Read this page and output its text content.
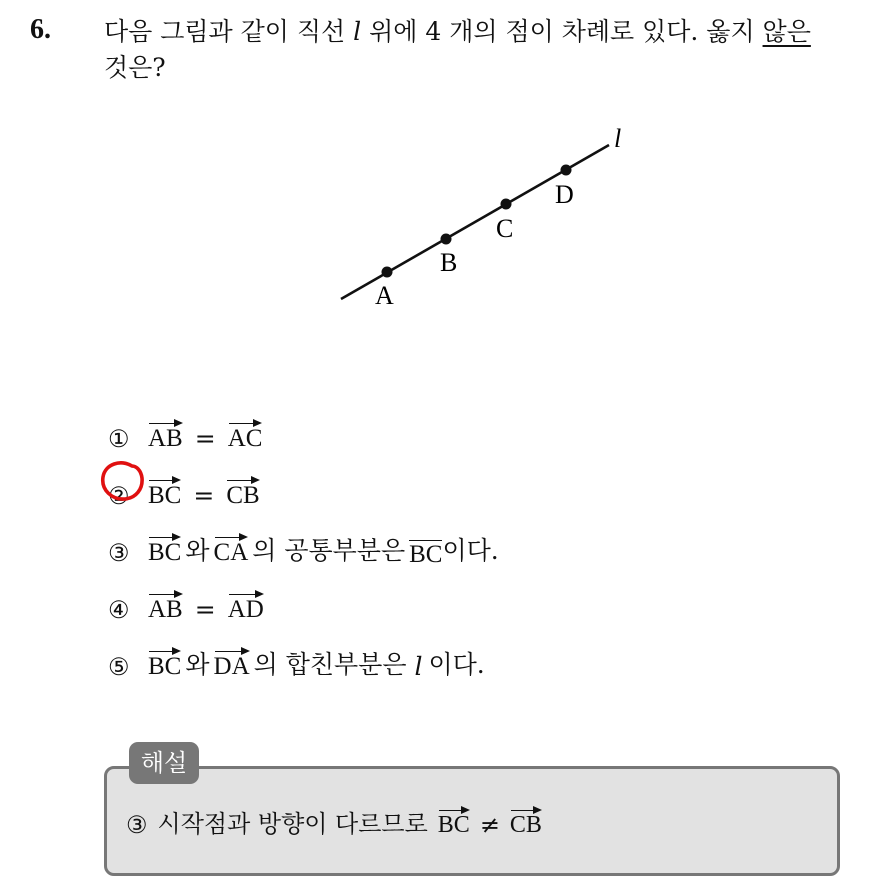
6. 다음 그림과 같이 직선 l 위에 4 개의 점이 차례로 있다. 옳지 않은
것은?
l
A
B
C
D
① AB = AC
② BC = CB
③ BC 와 CA 의 공통부분은 BC 이다.
④ AB = AD
⑤ BC 와 DA 의 합친부분은 l 이다.
해설
③ 시작점과 방향이 다르므로 BC ≠ CB
